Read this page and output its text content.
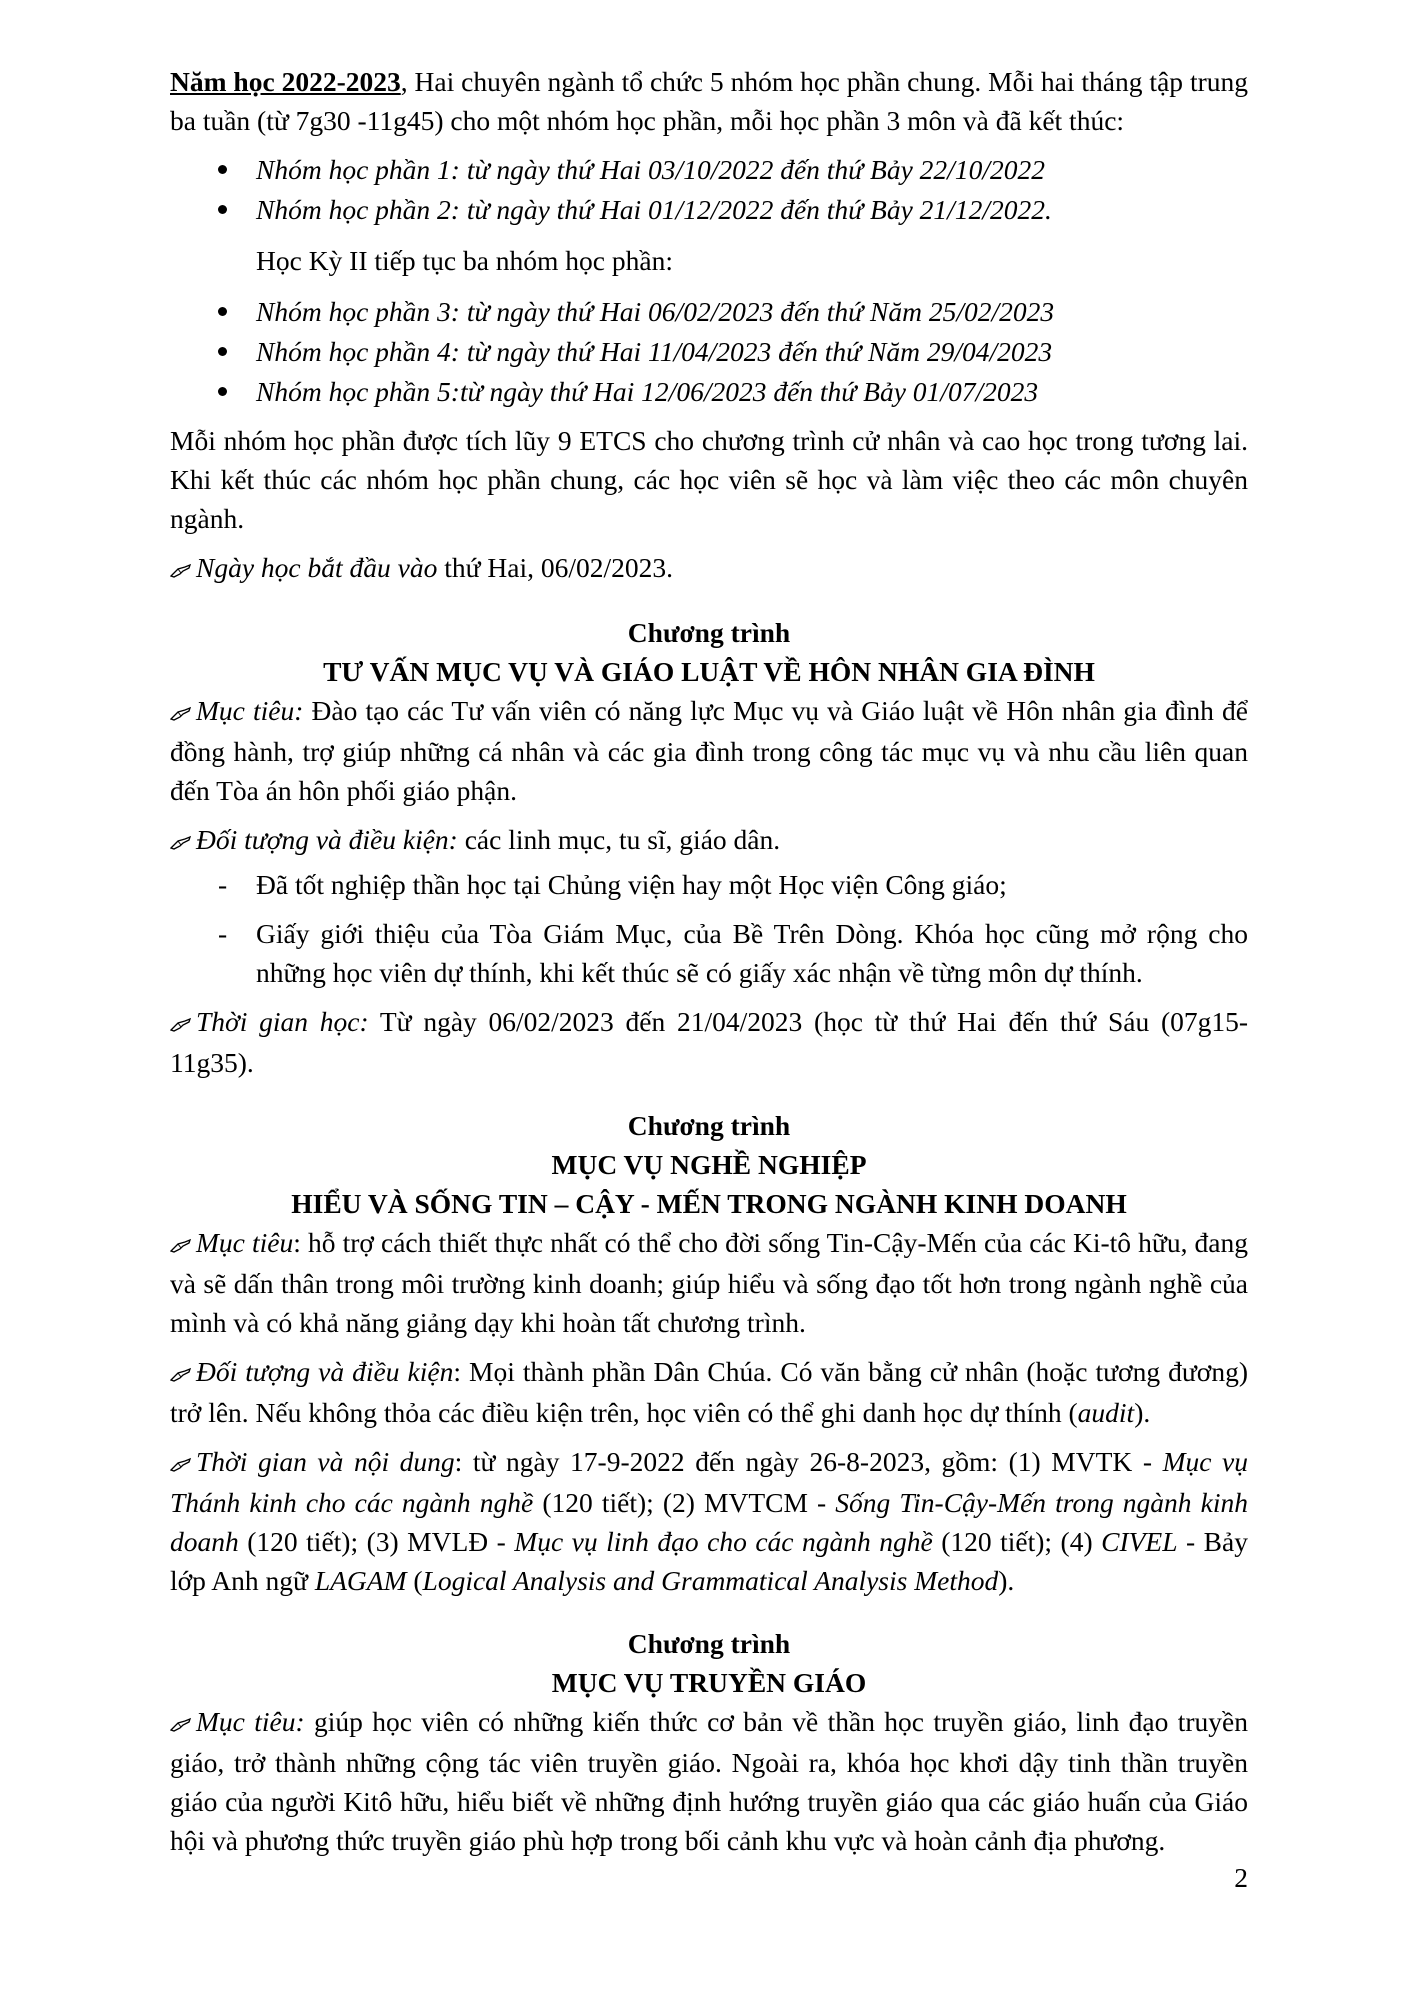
Năm học 2022-2023, Hai chuyên ngành tổ chức 5 nhóm học phần chung. Mỗi hai tháng tập trung ba tuần (từ 7g30 -11g45) cho một nhóm học phần, mỗi học phần 3 môn và đã kết thúc:

Nhóm học phần 1: từ ngày thứ Hai 03/10/2022 đến thứ Bảy 22/10/2022
Nhóm học phần 2: từ ngày thứ Hai 01/12/2022 đến thứ Bảy 21/12/2022.
Học Kỳ II tiếp tục ba nhóm học phần:
Nhóm học phần 3: từ ngày thứ Hai 06/02/2023 đến thứ Năm 25/02/2023
Nhóm học phần 4: từ ngày thứ Hai 11/04/2023 đến thứ Năm 29/04/2023
Nhóm học phần 5:từ ngày thứ Hai 12/06/2023 đến thứ Bảy 01/07/2023

Mỗi nhóm học phần được tích lũy 9 ETCS cho chương trình cử nhân và cao học trong tương lai. Khi kết thúc các nhóm học phần chung, các học viên sẽ học và làm việc theo các môn chuyên ngành.

Ngày học bắt đầu vào thứ Hai, 06/02/2023.

Chương trình
TƯ VẤN MỤC VỤ VÀ GIÁO LUẬT VỀ HÔN NHÂN GIA ĐÌNH

Mục tiêu: Đào tạo các Tư vấn viên có năng lực Mục vụ và Giáo luật về Hôn nhân gia đình để đồng hành, trợ giúp những cá nhân và các gia đình trong công tác mục vụ và nhu cầu liên quan đến Tòa án hôn phối giáo phận.

Đối tượng và điều kiện: các linh mục, tu sĩ, giáo dân.

- Đã tốt nghiệp thần học tại Chủng viện hay một Học viện Công giáo;
- Giấy giới thiệu của Tòa Giám Mục, của Bề Trên Dòng. Khóa học cũng mở rộng cho những học viên dự thính, khi kết thúc sẽ có giấy xác nhận về từng môn dự thính.

Thời gian học: Từ ngày 06/02/2023 đến 21/04/2023 (học từ thứ Hai đến thứ Sáu (07g15-11g35).

Chương trình
MỤC VỤ NGHỀ NGHIỆP
HIỂU VÀ SỐNG TIN – CẬY - MẾN TRONG NGÀNH KINH DOANH

Mục tiêu: hỗ trợ cách thiết thực nhất có thể cho đời sống Tin-Cậy-Mến của các Ki-tô hữu, đang và sẽ dấn thân trong môi trường kinh doanh; giúp hiểu và sống đạo tốt hơn trong ngành nghề của mình và có khả năng giảng dạy khi hoàn tất chương trình.

Đối tượng và điều kiện: Mọi thành phần Dân Chúa. Có văn bằng cử nhân (hoặc tương đương) trở lên. Nếu không thỏa các điều kiện trên, học viên có thể ghi danh học dự thính (audit).

Thời gian và nội dung: từ ngày 17-9-2022 đến ngày 26-8-2023, gồm: (1) MVTK - Mục vụ Thánh kinh cho các ngành nghề (120 tiết); (2) MVTCM - Sống Tin-Cậy-Mến trong ngành kinh doanh (120 tiết); (3) MVLĐ - Mục vụ linh đạo cho các ngành nghề (120 tiết); (4) CIVEL - Bảy lớp Anh ngữ LAGAM (Logical Analysis and Grammatical Analysis Method).

Chương trình
MỤC VỤ TRUYỀN GIÁO

Mục tiêu: giúp học viên có những kiến thức cơ bản về thần học truyền giáo, linh đạo truyền giáo, trở thành những cộng tác viên truyền giáo. Ngoài ra, khóa học khơi dậy tinh thần truyền giáo của người Kitô hữu, hiểu biết về những định hướng truyền giáo qua các giáo huấn của Giáo hội và phương thức truyền giáo phù hợp trong bối cảnh khu vực và hoàn cảnh địa phương.

2
